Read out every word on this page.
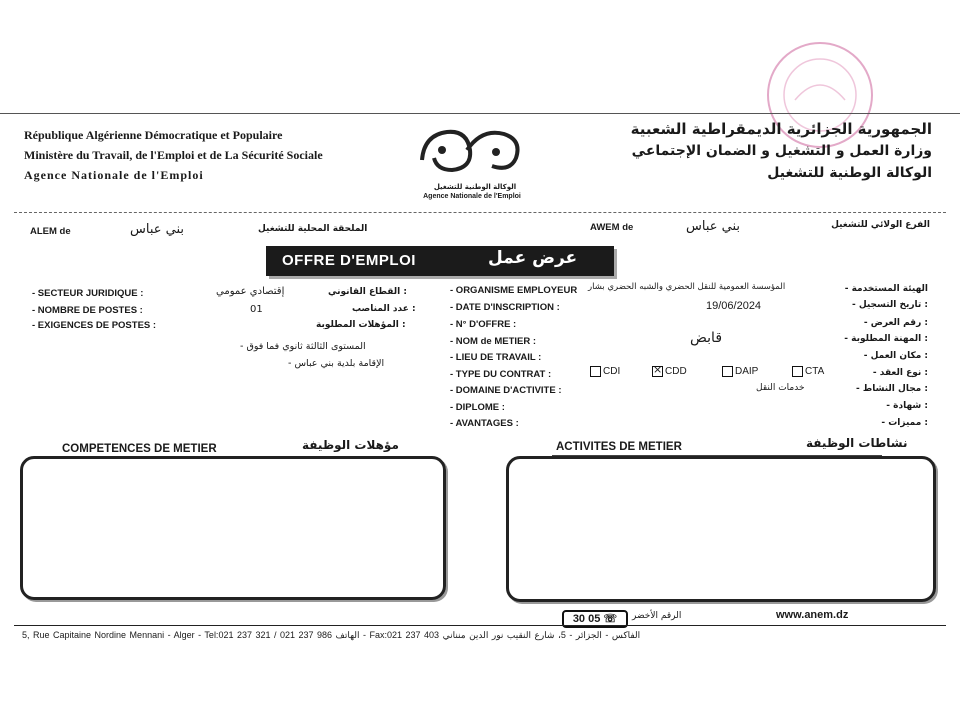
République Algérienne Démocratique et Populaire
Ministère du Travail, de l'Emploi et de La Sécurité Sociale
Agence Nationale de l'Emploi
الوكالة الوطنية للتشغيل
Agence Nationale de l'Emploi
الجمهورية الجزائرية الديمقراطية الشعبية
وزارة العمل و التشغيل و الضمان الإجتماعي
الوكالة الوطنية للتشغيل
ALEM de	بني عباس	الملحقة المحلية للتشغيل	AWEM de	بني عباس	الفرع الولائي للتشغيل
OFFRE D'EMPLOI	عرض عمل
- SECTEUR JURIDIQUE :	إقتصادي عمومي	: القطاع القانوني
- NOMBRE DE POSTES :	01	: عدد المناصب
- EXIGENCES DE POSTES :	: المؤهلات المطلوبة
المستوى الثالثة ثانوي فما فوق -
الإقامة بلدية بني عباس -
- ORGANISME EMPLOYEUR المؤسسة العمومية للنقل الحضري والشبه الحضري بشار	الهيئة المستخدمة -
- DATE D'INSCRIPTION :	19/06/2024	: تاريخ التسجيل -
- N° D'OFFRE :	: رقم العرض -
- NOM de METIER :	قابض	: المهنة المطلوبة -
- LIEU DE TRAVAIL :	: مكان العمل -
- TYPE DU CONTRAT :	CDI
×	CDD	DAIP	CTA	: نوع العقد -
- DOMAINE D'ACTIVITE :	خدمات النقل	: مجال النشاط -
- DIPLOME :	: شهادة -
- AVANTAGES :	: مميزات -
COMPETENCES DE METIER	مؤهلات الوظيفة	ACTIVITES DE METIER	نشاطات الوظيفة
30 05 ☏	الرقم الأخضر	www.anem.dz
5, Rue Capitaine Nordine Mennani - Alger - Tel:021 237 321 / 021 237 986 الهاتف - Fax:021 237 403 الفاكس - الجزائر - 5، شارع النقيب نور الدين منناني
